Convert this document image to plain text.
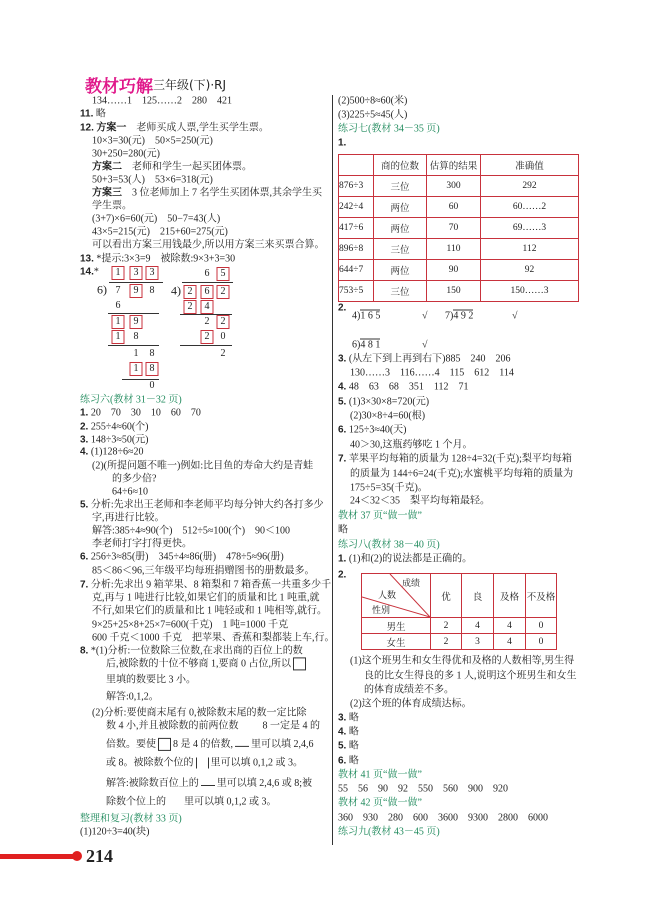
教材巧解 三年级(下)·RJ
134……1　125……2　280　421
11. 略
12. 方案一　老师买成人票,学生买学生票。
10×3=30(元)　50×5=250(元)
30+250=280(元)
方案二　老师和学生一起买团体票。
50+3=53(人)　53×6=318(元)
方案三　3 位老师加上 7 名学生买团体票,其余学生买
学生票。
(3+7)×6=60(元)　50−7=43(人)
43×5=215(元)　215+60=275(元)
可以看出方案三用钱最少,所以用方案三来买票合算。
13. *提示:3×3=9　被除数:9×3+3=30
14.*	1	3	3
6) 7	9	8
6
1	9
1	8
1	8
1	8
0
6	5
4) 2	6	2
2	4
2	2
2	0
2
练习六(教材 31－32 页)
1. 20　70　30　10　60　70
2. 255÷4≈60(个)
3. 148÷3≈50(元)
4. (1)128÷6≈20
(2)(所提问题不唯一)例如:比目鱼的寿命大约是青蛙
的多少倍?
64÷6≈10
5. 分析:先求出王老师和李老师平均每分钟大约各打多少
字,再进行比较。
解答:385÷4≈90(个)　512÷5≈100(个)　90＜100
李老师打字打得更快。
6. 256÷3≈85(册)　345÷4≈86(册)　478÷5≈96(册)
85＜86＜96,三年级平均每班捐赠图书的册数最多。
7. 分析:先求出 9 箱苹果、8 箱梨和 7 箱香蕉一共重多少千
克,再与 1 吨进行比较,如果它们的质量和比 1 吨重,就
不行,如果它们的质量和比 1 吨轻或和 1 吨相等,就行。
9×25+25×8+25×7=600(千克)　1 吨=1000 千克
600 千克＜1000 千克　把苹果、香蕉和梨都装上车,行。
8. *(1)分析:一位数除三位数,在求出商的百位上的数
后,被除数的十位不够商 1,要商 0 占位,所以
里填的数要比 3 小。
解答:0,1,2。
(2)分析:要使商末尾有 0,被除数末尾的数一定比除
数 4 小,并且被除数的前两位数 8 一定是 4 的
倍数。要使 8 是 4 的倍数, 里可以填 2,4,6
或 8。被除数个位的 里可以填 0,1,2 或 3。
解答:被除数百位上的 里可以填 2,4,6 或 8;被
除数个位上的 里可以填 0,1,2 或 3。
整理和复习(教材 33 页)
(1)120÷3=40(块)
(2)500÷8≈60(米)
(3)225÷5≈45(人)
练习七(教材 34－35 页)
1.
	商的位数	估算的结果	准确值
876÷3	三位	300	292
242÷4	两位	60	60……2
417÷6	两位	70	69……3
896÷8	三位	110	112
644÷7	两位	90	92
753÷5	三位	150	150……3
2.
4)1 6 5	√ 7)4 9 2	√
6)4 8 1	√
3. (从左下到上再到右下)885　240　206
130……3　116……4　115　612　114
4. 48　63　68　351　112　71
5. (1)3×30×8=720(元)
(2)30×8÷4=60(根)
6. 125÷3≈40(天)
40＞30,这瓶药够吃 1 个月。
7. 苹果平均每箱的质量为 128÷4=32(千克);梨平均每箱
的质量为 144÷6=24(千克);水蜜桃平均每箱的质量为
175÷5=35(千克)。
24＜32＜35　梨平均每箱最轻。
教材 37 页“做一做”
略
练习八(教材 38－40 页)
1. (1)和(2)的说法都是正确的。
2.
成绩
人数
性别	优	良	及格	不及格
男生	2	4	4	0
女生	2	3	4	0
(1)这个班男生和女生得优和及格的人数相等,男生得
良的比女生得良的多 1 人,说明这个班男生和女生
的体育成绩差不多。
(2)这个班的体育成绩达标。
3. 略
4. 略
5. 略
6. 略
教材 41 页“做一做”
55　56　90　92　550　560　900　920
教材 42 页“做一做”
360　930　280　600　3600　9300　2800　6000
练习九(教材 43－45 页)
214
